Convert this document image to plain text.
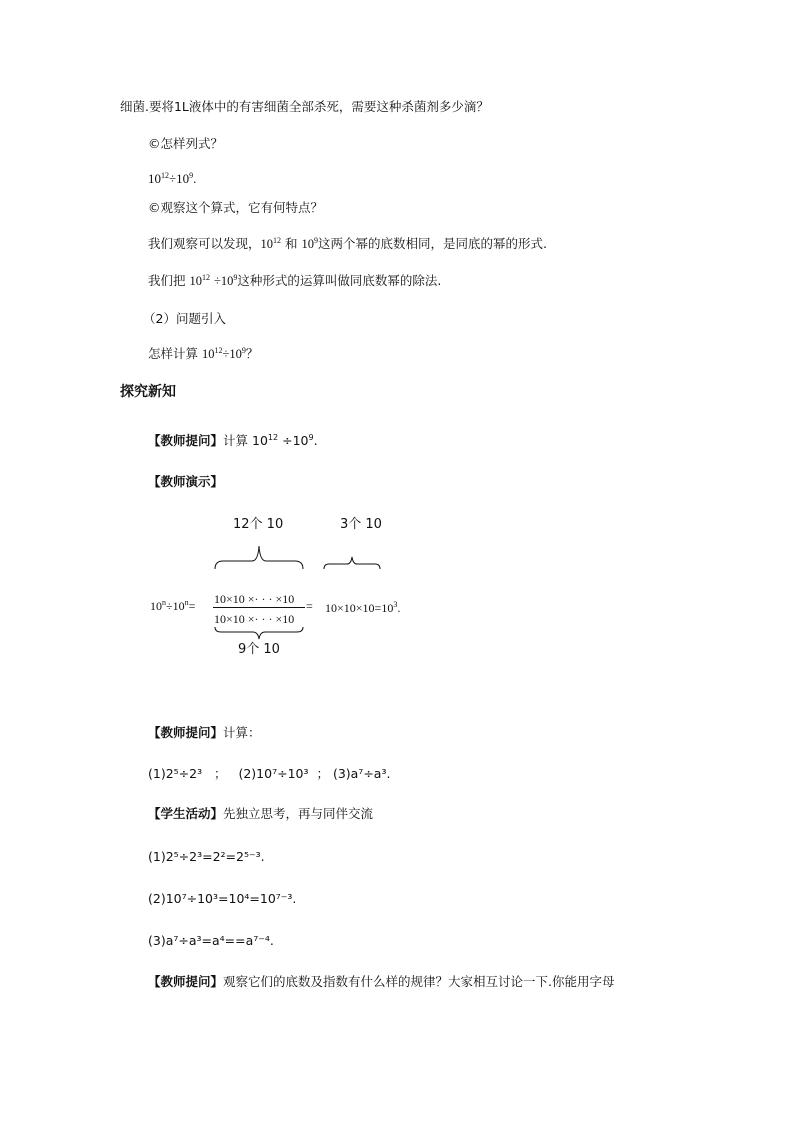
细菌.要将1L液体中的有害细菌全部杀死，需要这种杀菌剂多少滴？
©怎样列式？
$10^{12}\div 10^9$.
©观察这个算式，它有何特点？
我们观察可以发现，$10^{12}$ 和 $10^9$这两个幂的底数相同，是同底的幂的形式.
我们把 $10^{12} \div 10^9$这种形式的运算叫做同底数幂的除法.
（2）问题引入
怎样计算 $10^{12}\div 10^9$？
探究新知
【教师提问】计算 $10^{12} \div 10^9$.
【教师演示】
12个 10	3个 10
$10^n\div 10^n= 10\times 10$ ×· · · ×10
10×10 ×· · · ×10
= $10\times 10\times 10=10^3$.
9个 10
【教师提问】计算：
(1)2⁵÷2³ ； (2)10⁷÷10³ ； (3)a⁷÷a³.
【学生活动】先独立思考，再与同伴交流
(1)2⁵÷2³=2²=2⁵⁻³.
(2)10⁷÷10³=10⁴=10⁷⁻³.
(3)a⁷÷a³=a⁴==a⁷⁻⁴.
【教师提问】观察它们的底数及指数有什么样的规律？大家相互讨论一下.你能用字母
